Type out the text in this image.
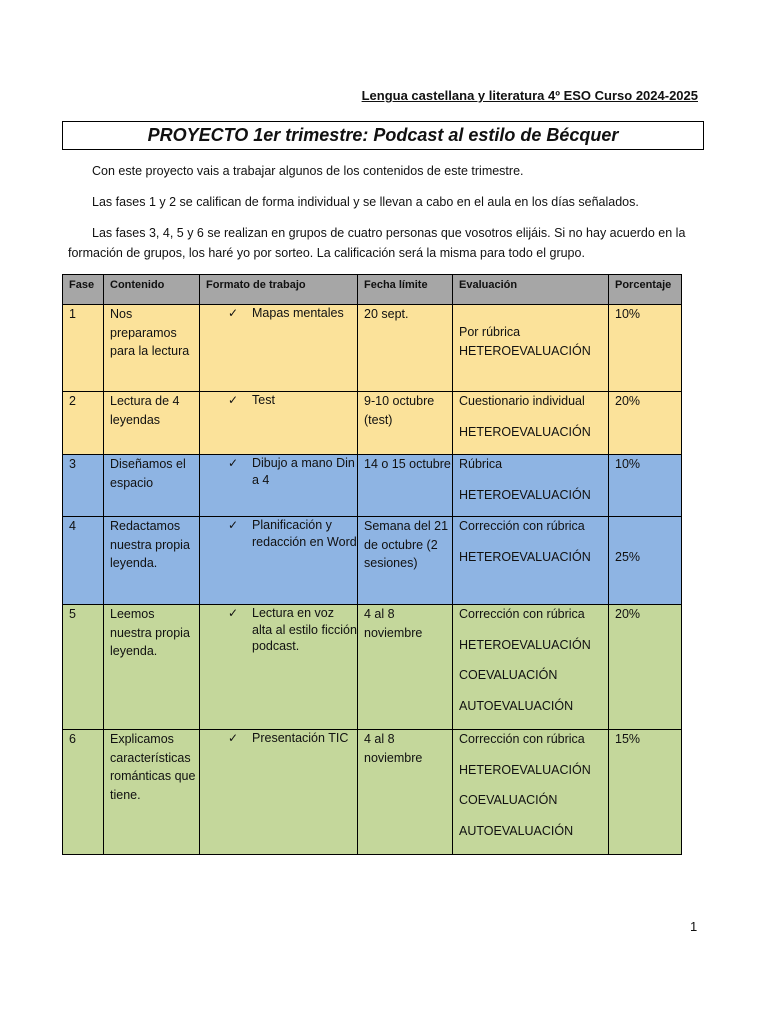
Lengua castellana y literatura 4º ESO Curso 2024-2025
PROYECTO 1er trimestre: Podcast al estilo de Bécquer
Con este proyecto vais a trabajar algunos de los contenidos de este trimestre.
Las fases 1 y 2 se califican de forma individual y se llevan a cabo en el aula en los días señalados.
Las fases 3, 4, 5 y 6 se realizan en grupos de cuatro personas que vosotros elijáis. Si no hay acuerdo en la formación de grupos, los haré yo por sorteo. La calificación será la misma para todo el grupo.
Fase	Contenido	Formato de trabajo	Fecha límite	Evaluación	Porcentaje
1	Nos preparamos para la lectura	✓ Mapas mentales	20 sept.	Por rúbrica
HETEROEVALUACIÓN	10%
2	Lectura de 4 leyendas	✓ Test	9-10 octubre (test)	Cuestionario individual
HETEROEVALUACIÓN	20%
3	Diseñamos el espacio	✓ Dibujo a mano Din a 4	14 o 15 octubre	Rúbrica
HETEROEVALUACIÓN	10%
4	Redactamos nuestra propia leyenda.	✓ Planificación y redacción en Word	Semana del 21 de octubre (2 sesiones)	Corrección con rúbrica
HETEROEVALUACIÓN	25%

5	Leemos nuestra propia leyenda.	✓ Lectura en voz alta al estilo ficción podcast.	4 al 8 noviembre	Corrección con rúbrica
HETEROEVALUACIÓN
COEVALUACIÓN
AUTOEVALUACIÓN	20%
6	Explicamos características románticas que tiene.	✓ Presentación TIC	4 al 8 noviembre	Corrección con rúbrica
HETEROEVALUACIÓN
COEVALUACIÓN
AUTOEVALUACIÓN	15%
1
